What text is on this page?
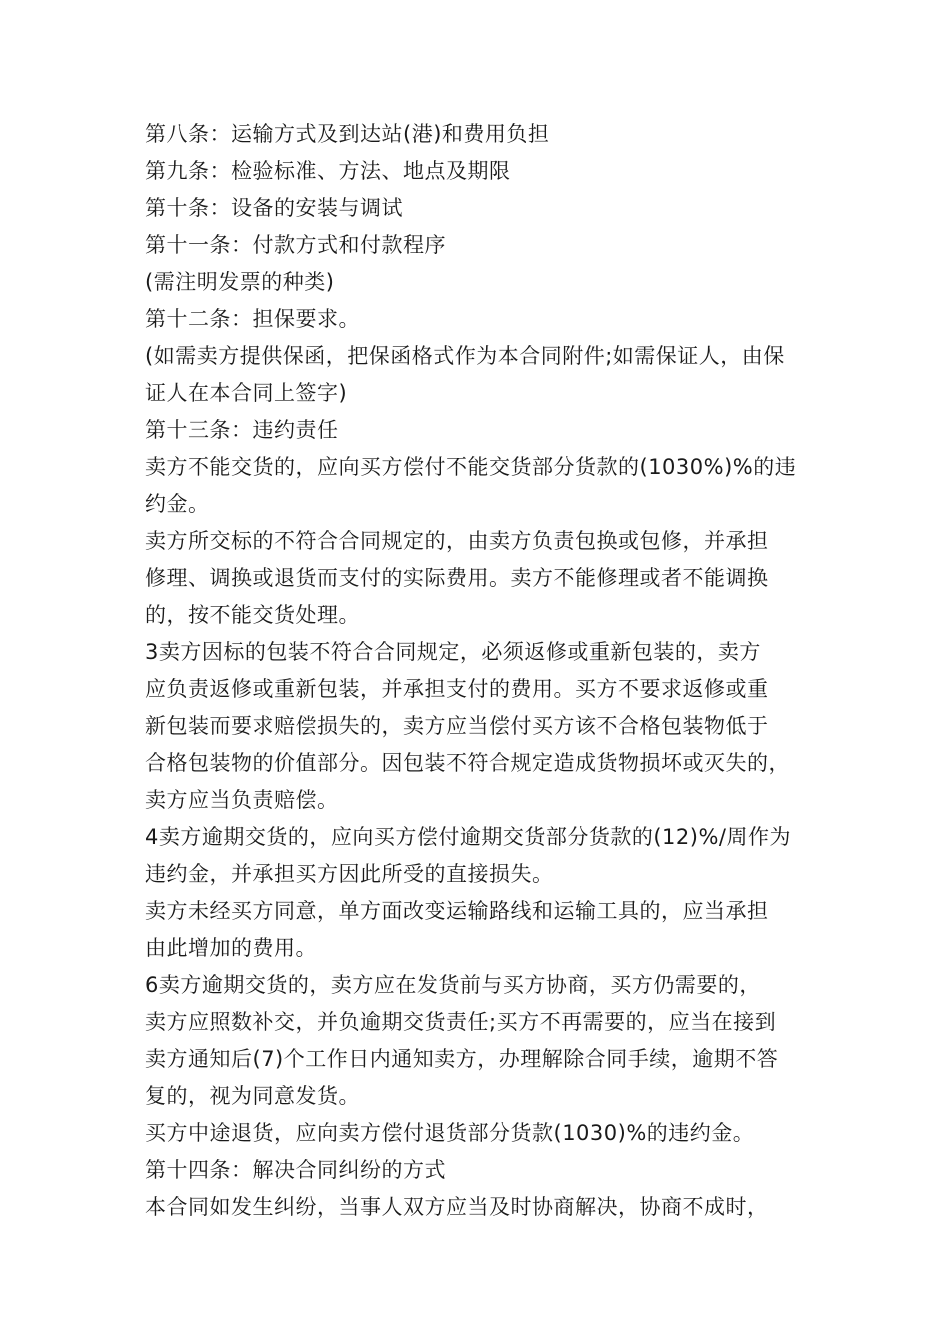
第八条：运输方式及到达站(港)和费用负担
第九条：检验标准、方法、地点及期限
第十条：设备的安装与调试
第十一条：付款方式和付款程序
(需注明发票的种类)
第十二条：担保要求。
(如需卖方提供保函，把保函格式作为本合同附件;如需保证人，由保
证人在本合同上签字)
第十三条：违约责任
卖方不能交货的，应向买方偿付不能交货部分货款的(1030%)%的违
约金。
卖方所交标的不符合合同规定的，由卖方负责包换或包修，并承担
修理、调换或退货而支付的实际费用。卖方不能修理或者不能调换
的，按不能交货处理。
3卖方因标的包装不符合合同规定，必须返修或重新包装的，卖方
应负责返修或重新包装，并承担支付的费用。买方不要求返修或重
新包装而要求赔偿损失的，卖方应当偿付买方该不合格包装物低于
合格包装物的价值部分。因包装不符合规定造成货物损坏或灭失的，
卖方应当负责赔偿。
4卖方逾期交货的，应向买方偿付逾期交货部分货款的(12)%/周作为
违约金，并承担买方因此所受的直接损失。
卖方未经买方同意，单方面改变运输路线和运输工具的，应当承担
由此增加的费用。
6卖方逾期交货的，卖方应在发货前与买方协商，买方仍需要的，
卖方应照数补交，并负逾期交货责任;买方不再需要的，应当在接到
卖方通知后(7)个工作日内通知卖方，办理解除合同手续，逾期不答
复的，视为同意发货。
买方中途退货，应向卖方偿付退货部分货款(1030)%的违约金。
第十四条：解决合同纠纷的方式
本合同如发生纠纷，当事人双方应当及时协商解决，协商不成时，
